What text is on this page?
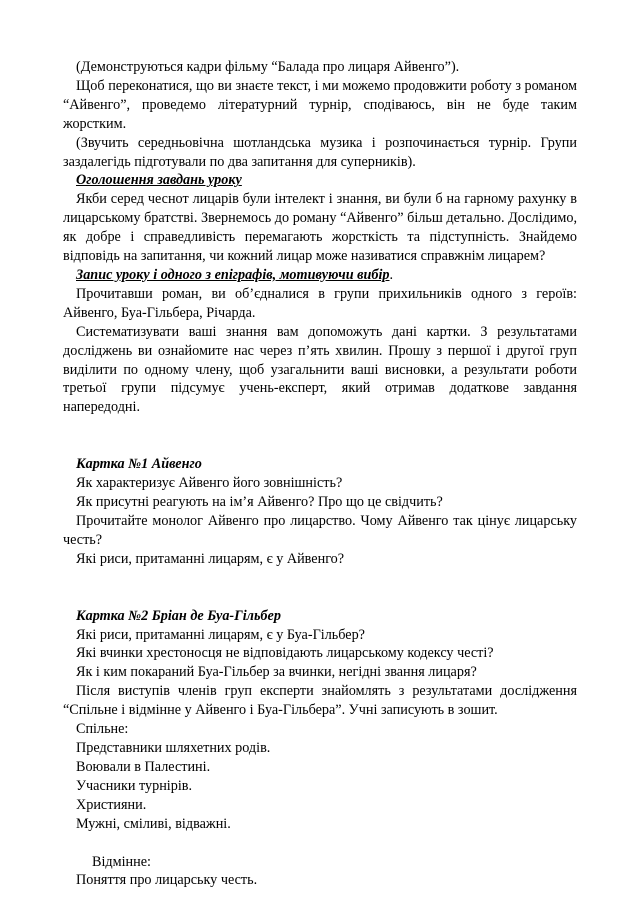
(Демонструються кадри фільму “Балада про лицаря Айвенго”).

Щоб переконатися, що ви знаєте текст, і ми можемо продовжити роботу з романом “Айвенго”, проведемо літературний турнір, сподіваюсь, він не буде таким жорстким.

(Звучить середньовічна шотландська музика і розпочинається турнір. Групи заздалегідь підготували по два запитання для суперників).

Оголошення завдань уроку

Якби серед чеснот лицарів були інтелект і знання, ви були б на гарному рахунку в лицарському братстві. Звернемось до роману “Айвенго” більш детально. Дослідимо, як добре і справедливість перемагають жорсткість та підступність. Знайдемо відповідь на запитання, чи кожний лицар може називатися справжнім лицарем?

Запис уроку і одного з епіграфів, мотивуючи вибір.

Прочитавши роман, ви об’єдналися в групи прихильників одного з героїв: Айвенго, Буа-Гільбера, Річарда.

Систематизувати ваші знання вам допоможуть дані картки. З результатами досліджень ви ознайомите нас через п’ять хвилин. Прошу з першої і другої груп виділити по одному члену, щоб узагальнити ваші висновки, а результати роботи третьої групи підсумує учень-експерт, який отримав додаткове завдання напередодні.

Картка №1 Айвенго

Як характеризує Айвенго його зовнішність?

Як присутні реагують на ім’я Айвенго? Про що це свідчить?

Прочитайте монолог Айвенго про лицарство. Чому Айвенго так цінує лицарську честь?

Які риси, притаманні лицарям, є у Айвенго?

Картка №2 Бріан де Буа-Гільбер

Які риси, притаманні лицарям, є у Буа-Гільбер?

Які вчинки хрестоносця не відповідають лицарському кодексу честі?

Як і ким покараний Буа-Гільбер за вчинки, негідні звання лицаря?

Після виступів членів груп експерти знайомлять з результатами дослідження “Спільне і відмінне у Айвенго і Буа-Гільбера”. Учні записують в зошит.

Спільне:

Представники шляхетних родів.

Воювали в Палестині.

Учасники турнірів.

Християни.

Мужні, сміливі, відважні.

Відмінне:

Поняття про лицарську честь.
